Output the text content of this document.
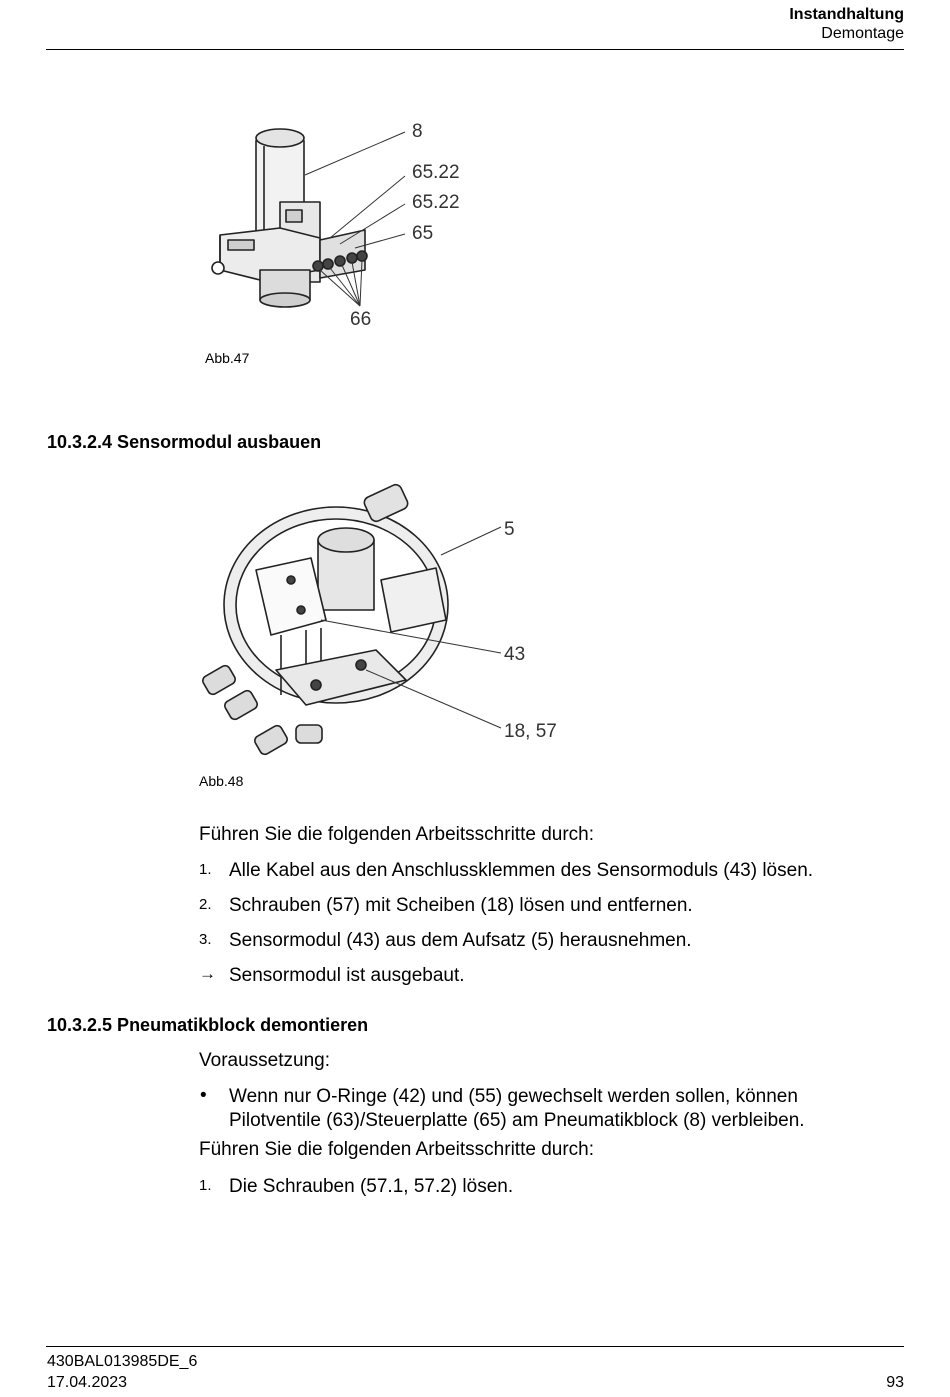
Instandhaltung
Demontage
8
65.22
65.22
65
66
Abb.47
10.3.2.4 Sensormodul ausbauen
5
43
18, 57
Abb.48
Führen Sie die folgenden Arbeitsschritte durch:
1. Alle Kabel aus den Anschlussklemmen des Sensormoduls (43) lösen.
2. Schrauben (57) mit Scheiben (18) lösen und entfernen.
3. Sensormodul (43) aus dem Aufsatz (5) herausnehmen.
→ Sensormodul ist ausgebaut.
10.3.2.5 Pneumatikblock demontieren
Voraussetzung:
• Wenn nur O-Ringe (42) und (55) gewechselt werden sollen, können
Pilotventile (63)/Steuerplatte (65) am Pneumatikblock (8) verbleiben.
Führen Sie die folgenden Arbeitsschritte durch:
1. Die Schrauben (57.1, 57.2) lösen.
430BAL013985DE_6
17.04.2023	93
